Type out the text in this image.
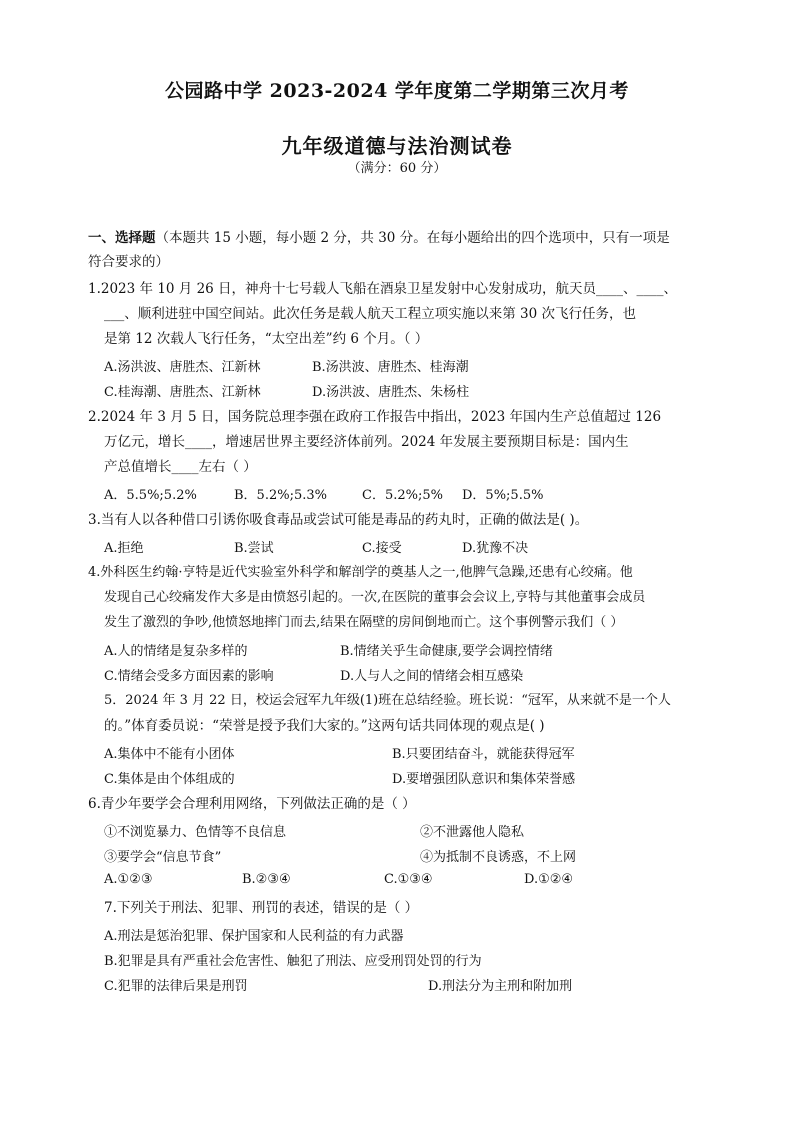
公园路中学 2023-2024 学年度第二学期第三次月考
九年级道德与法治测试卷
（满分：60 分）
一、选择题（本题共 15 小题，每小题 2 分，共 30 分。在每小题给出的四个选项中，只有一项是
符合要求的）
1.2023 年 10 月 26 日，神舟十七号载人飞船在酒泉卫星发射中心发射成功，航天员____、____、
___、顺利进驻中国空间站。此次任务是载人航天工程立项实施以来第 30 次飞行任务，也
是第 12 次载人飞行任务，“太空出差”约 6 个月。（ ）
A.汤洪波、唐胜杰、江新林	B.汤洪波、唐胜杰、桂海潮
C.桂海潮、唐胜杰、江新林	D.汤洪波、唐胜杰、朱杨柱
2.2024 年 3 月 5 日，国务院总理李强在政府工作报告中指出，2023 年国内生产总值超过 126
万亿元，增长____，增速居世界主要经济体前列。2024 年发展主要预期目标是：国内生
产总值增长____左右（ ）
A．5.5%;5.2%	B．5.2%;5.3%	C．5.2%;5% D．5%;5.5%
3.当有人以各种借口引诱你吸食毒品或尝试可能是毒品的药丸时，正确的做法是( )。
A.拒绝	B.尝试	C.接受	D.犹豫不决
4.外科医生约翰·亨特是近代实验室外科学和解剖学的奠基人之一,他脾气急躁,还患有心绞痛。他
发现自己心绞痛发作大多是由愤怒引起的。一次,在医院的董事会会议上,亨特与其他董事会成员
发生了激烈的争吵,他愤怒地摔门而去,结果在隔壁的房间倒地而亡。这个事例警示我们（ ）
A.人的情绪是复杂多样的	B.情绪关乎生命健康,要学会调控情绪
C.情绪会受多方面因素的影响	D.人与人之间的情绪会相互感染
5．2024 年 3 月 22 日，校运会冠军九年级(1)班在总结经验。班长说：“冠军，从来就不是一个人
的。”体育委员说：“荣誉是授予我们大家的。”这两句话共同体现的观点是( )
A.集体中不能有小团体	B.只要团结奋斗，就能获得冠军
C.集体是由个体组成的	D.要增强团队意识和集体荣誉感
6.青少年要学会合理利用网络，下列做法正确的是（ ）
①不浏览暴力、色情等不良信息	②不泄露他人隐私
③要学会“信息节食”	④为抵制不良诱惑，不上网
A.①②③	B.②③④	C.①③④	D.①②④
7.下列关于刑法、犯罪、刑罚的表述，错误的是（ ）
A.刑法是惩治犯罪、保护国家和人民利益的有力武器
B.犯罪是具有严重社会危害性、触犯了刑法、应受刑罚处罚的行为
C.犯罪的法律后果是刑罚	D.刑法分为主刑和附加刑
